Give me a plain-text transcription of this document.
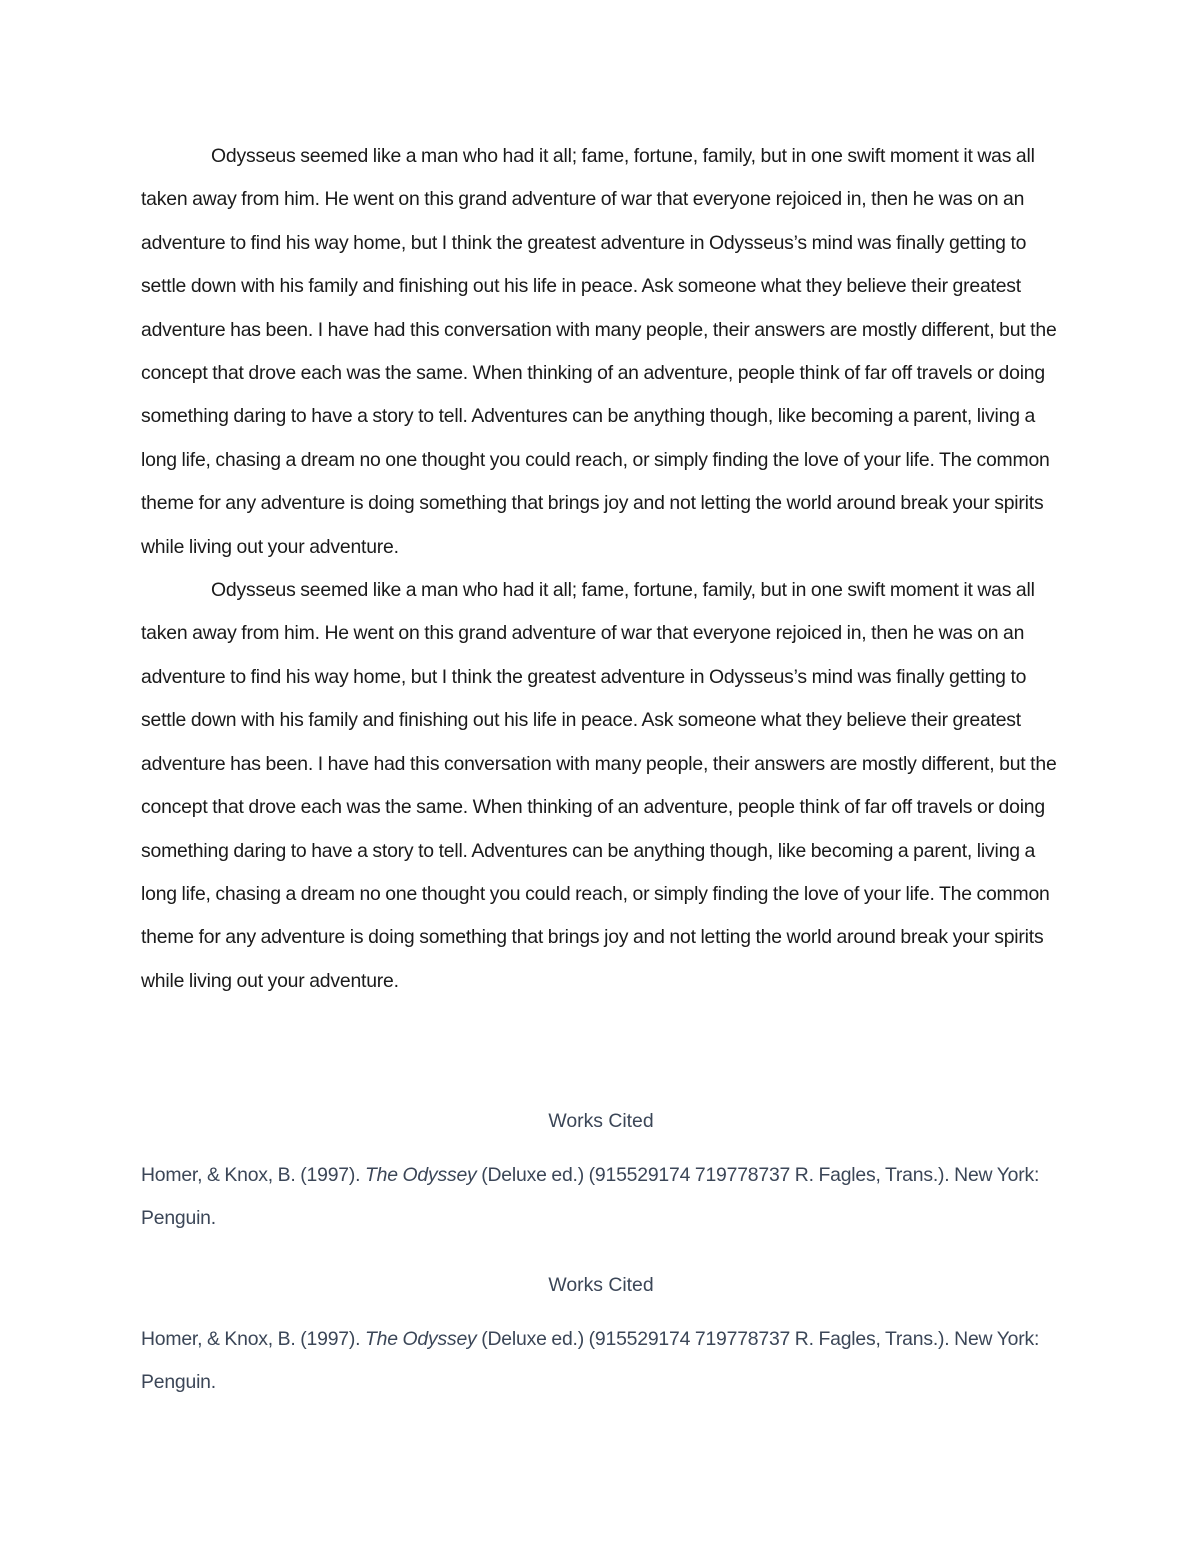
Odysseus seemed like a man who had it all; fame, fortune, family, but in one swift moment it was all taken away from him. He went on this grand adventure of war that everyone rejoiced in, then he was on an adventure to find his way home, but I think the greatest adventure in Odysseus’s mind was finally getting to settle down with his family and finishing out his life in peace. Ask someone what they believe their greatest adventure has been. I have had this conversation with many people, their answers are mostly different, but the concept that drove each was the same. When thinking of an adventure, people think of far off travels or doing something daring to have a story to tell. Adventures can be anything though, like becoming a parent, living a long life, chasing a dream no one thought you could reach, or simply finding the love of your life. The common theme for any adventure is doing something that brings joy and not letting the world around break your spirits while living out your adventure.

Odysseus seemed like a man who had it all; fame, fortune, family, but in one swift moment it was all taken away from him. He went on this grand adventure of war that everyone rejoiced in, then he was on an adventure to find his way home, but I think the greatest adventure in Odysseus’s mind was finally getting to settle down with his family and finishing out his life in peace. Ask someone what they believe their greatest adventure has been. I have had this conversation with many people, their answers are mostly different, but the concept that drove each was the same. When thinking of an adventure, people think of far off travels or doing something daring to have a story to tell. Adventures can be anything though, like becoming a parent, living a long life, chasing a dream no one thought you could reach, or simply finding the love of your life. The common theme for any adventure is doing something that brings joy and not letting the world around break your spirits while living out your adventure.

Works Cited

Homer, & Knox, B. (1997). The Odyssey (Deluxe ed.) (915529174 719778737 R. Fagles, Trans.). New York: Penguin.

Works Cited

Homer, & Knox, B. (1997). The Odyssey (Deluxe ed.) (915529174 719778737 R. Fagles, Trans.). New York: Penguin.
